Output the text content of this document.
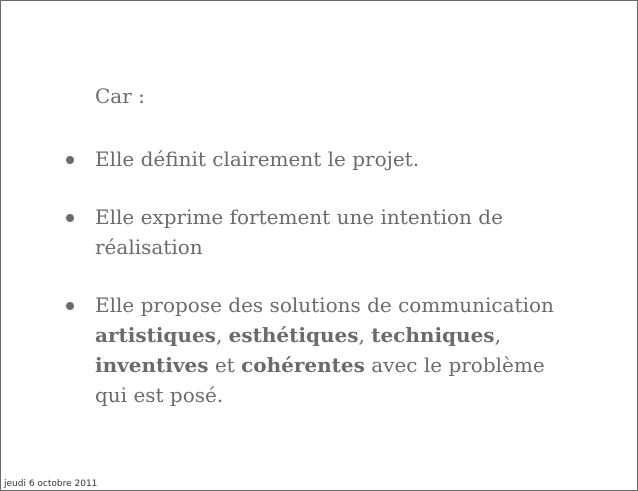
Car :
Elle définit clairement le projet.
Elle exprime fortement une intention de réalisation
Elle propose des solutions de communication artistiques, esthétiques, techniques, inventives et cohérentes avec le problème qui est posé.
jeudi 6 octobre 2011
